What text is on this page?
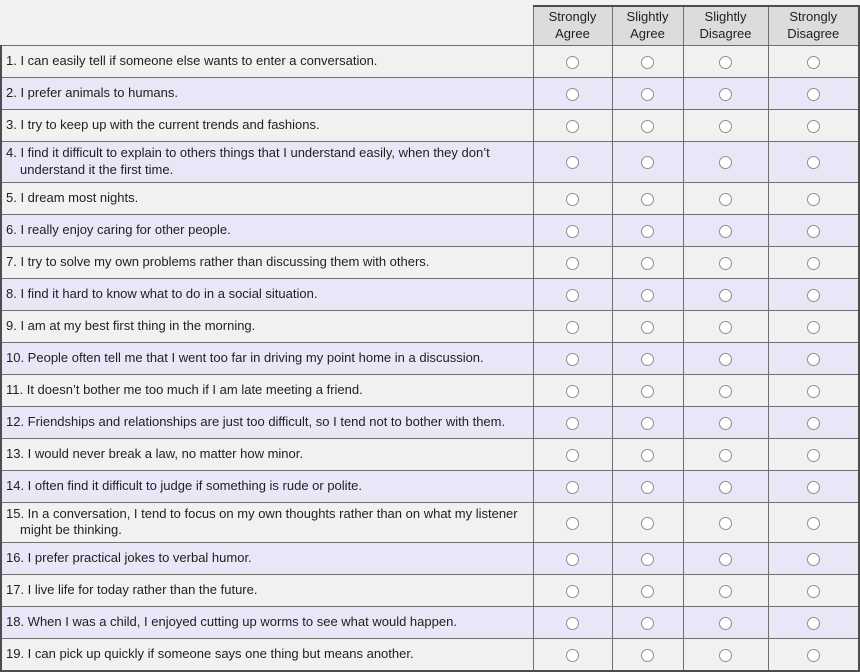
	Strongly Agree	Slightly Agree	Slightly Disagree	Strongly Disagree
1. I can easily tell if someone else wants to enter a conversation.				
2. I prefer animals to humans.				
3. I try to keep up with the current trends and fashions.				
4. I find it difficult to explain to others things that I understand easily, when they don’t understand it the first time.				
5. I dream most nights.				
6. I really enjoy caring for other people.				
7. I try to solve my own problems rather than discussing them with others.				
8. I find it hard to know what to do in a social situation.				
9. I am at my best first thing in the morning.				
10. People often tell me that I went too far in driving my point home in a discussion.				
11. It doesn’t bother me too much if I am late meeting a friend.				
12. Friendships and relationships are just too difficult, so I tend not to bother with them.				
13. I would never break a law, no matter how minor.				
14. I often find it difficult to judge if something is rude or polite.				
15. In a conversation, I tend to focus on my own thoughts rather than on what my listener might be thinking.				
16. I prefer practical jokes to verbal humor.				
17. I live life for today rather than the future.				
18. When I was a child, I enjoyed cutting up worms to see what would happen.				
19. I can pick up quickly if someone says one thing but means another.				
